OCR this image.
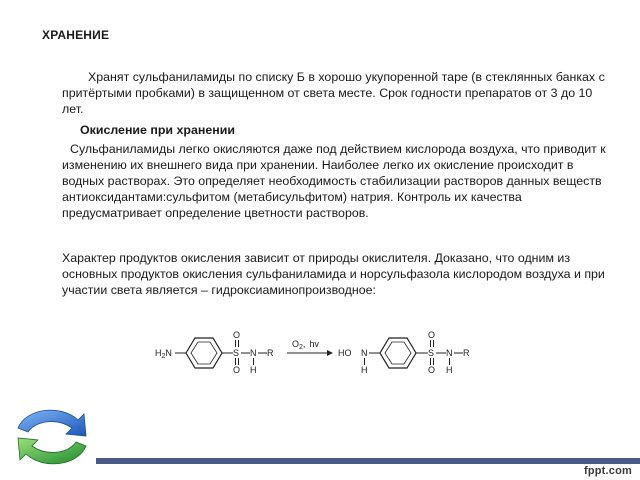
ХРАНЕНИЕ
Хранят сульфаниламиды по списку Б в хорошо укупоренной таре (в стеклянных банках с притёртыми пробками) в защищенном от света месте. Срок годности препаратов от 3 до 10 лет.
Окисление при хранении
Сульфаниламиды легко окисляются даже под действием кислорода воздуха, что приводит к изменению их внешнего вида при хранении. Наиболее легко их окисление происходит в водных растворах. Это определяет необходимость стабилизации растворов данных веществ антиоксидантами:сульфитом (метабисульфитом) натрия. Контроль их качества предусматривает определение цветности растворов.
Характер продуктов окисления зависит от природы окислителя. Доказано, что одним из основных продуктов окисления сульфаниламида и норсульфазола кислородом воздуха и при участии света является – гидроксиаминопроизводное:
$H_2N$	S
O
O
N
H
R
$O_2$, hv
HO N
H
S
O
O
N
H
R
fppt.com
